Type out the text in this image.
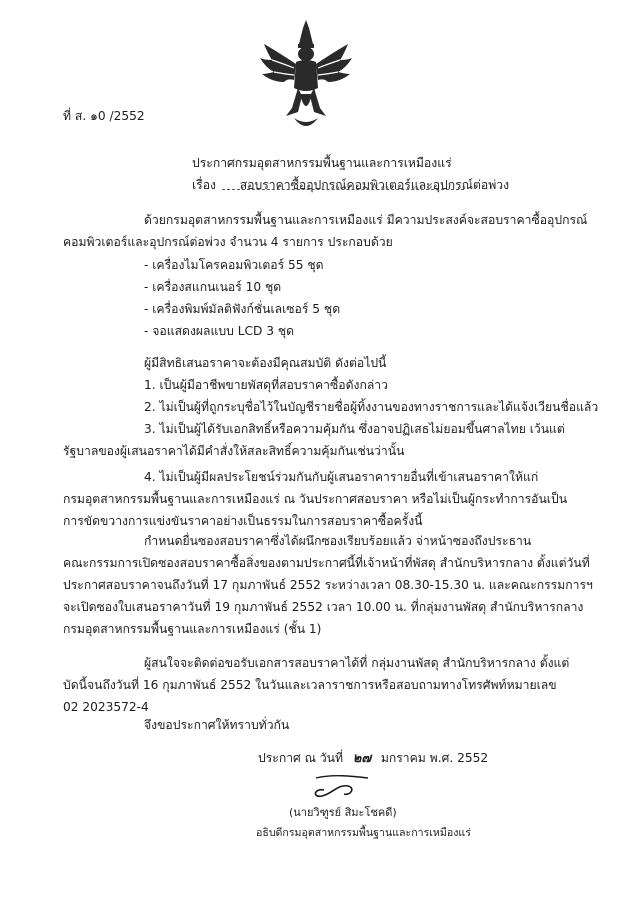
ที่ ส. ๑0 /2552
ประกาศกรมอุตสาหกรรมพื้นฐานและการเหมืองแร่
เรื่อง สอบราคาซื้ออุปกรณ์คอมพิวเตอร์และอุปกรณ์ต่อพ่วง
ด้วยกรมอุตสาหกรรมพื้นฐานและการเหมืองแร่ มีความประสงค์จะสอบราคาซื้ออุปกรณ์
คอมพิวเตอร์และอุปกรณ์ต่อพ่วง จำนวน 4 รายการ ประกอบด้วย
- เครื่องไมโครคอมพิวเตอร์ 55 ชุด
- เครื่องสแกนเนอร์ 10 ชุด
- เครื่องพิมพ์มัลติฟังก์ชั่นเลเซอร์ 5 ชุด
- จอแสดงผลแบบ LCD 3 ชุด
ผู้มีสิทธิเสนอราคาจะต้องมีคุณสมบัติ ดังต่อไปนี้
1. เป็นผู้มีอาชีพขายพัสดุที่สอบราคาซื้อดังกล่าว
2. ไม่เป็นผู้ที่ถูกระบุชื่อไว้ในบัญชีรายชื่อผู้ทิ้งงานของทางราชการและได้แจ้งเวียนชื่อแล้ว
3. ไม่เป็นผู้ได้รับเอกสิทธิ์หรือความคุ้มกัน ซึ่งอาจปฏิเสธไม่ยอมขึ้นศาลไทย เว้นแต่
รัฐบาลของผู้เสนอราคาได้มีคำสั่งให้สละสิทธิ์ความคุ้มกันเช่นว่านั้น
4. ไม่เป็นผู้มีผลประโยชน์ร่วมกันกับผู้เสนอราคารายอื่นที่เข้าเสนอราคาให้แก่
กรมอุตสาหกรรมพื้นฐานและการเหมืองแร่ ณ วันประกาศสอบราคา หรือไม่เป็นผู้กระทำการอันเป็น
การขัดขวางการแข่งขันราคาอย่างเป็นธรรมในการสอบราคาซื้อครั้งนี้
กำหนดยื่นซองสอบราคาซึ่งได้ผนึกซองเรียบร้อยแล้ว จ่าหน้าซองถึงประธาน
คณะกรรมการเปิดซองสอบราคาซื้อสิ่งของตามประกาศนี้ที่เจ้าหน้าที่พัสดุ สำนักบริหารกลาง ตั้งแต่วันที่
ประกาศสอบราคาจนถึงวันที่ 17 กุมภาพันธ์ 2552 ระหว่างเวลา 08.30-15.30 น. และคณะกรรมการฯ
จะเปิดซองใบเสนอราคาวันที่ 19 กุมภาพันธ์ 2552 เวลา 10.00 น. ที่กลุ่มงานพัสดุ สำนักบริหารกลาง
กรมอุตสาหกรรมพื้นฐานและการเหมืองแร่ (ชั้น 1)
ผู้สนใจจะติดต่อขอรับเอกสารสอบราคาได้ที่ กลุ่มงานพัสดุ สำนักบริหารกลาง ตั้งแต่
บัดนี้จนถึงวันที่ 16 กุมภาพันธ์ 2552 ในวันและเวลาราชการหรือสอบถามทางโทรศัพท์หมายเลข
02 2023572-4
จึงขอประกาศให้ทราบทั่วกัน
ประกาศ ณ วันที่ ๒๗ มกราคม พ.ศ. 2552
(นายวิฑูรย์ สิมะโชคดี)
อธิบดีกรมอุตสาหกรรมพื้นฐานและการเหมืองแร่
